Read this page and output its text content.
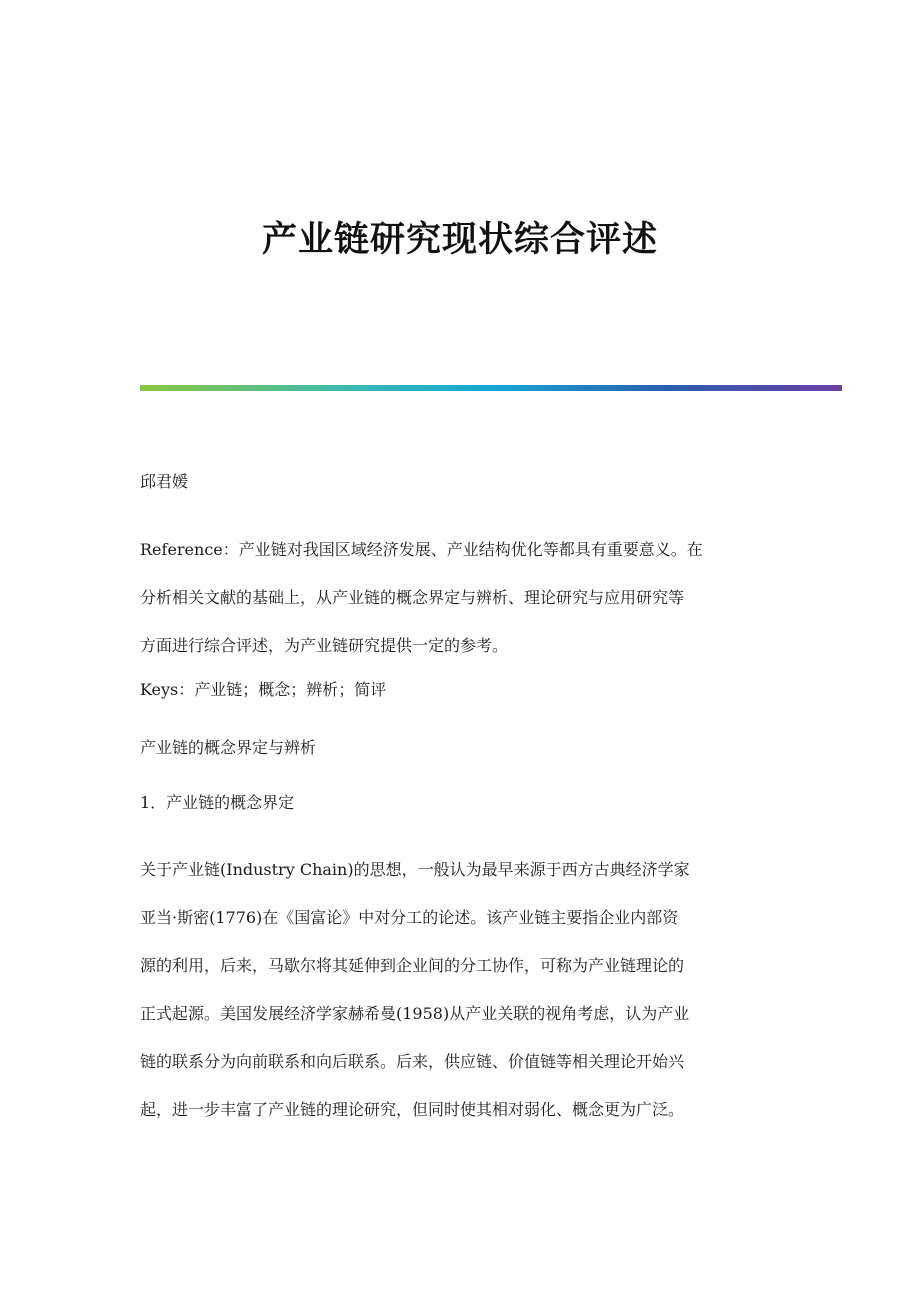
产业链研究现状综合评述

邱君媛

Reference：产业链对我国区域经济发展、产业结构优化等都具有重要意义。在
分析相关文献的基础上，从产业链的概念界定与辨析、理论研究与应用研究等
方面进行综合评述，为产业链研究提供一定的参考。

Keys：产业链；概念；辨析；简评

产业链的概念界定与辨析

1．产业链的概念界定

关于产业链(Industry Chain)的思想，一般认为最早来源于西方古典经济学家
亚当·斯密(1776)在《国富论》中对分工的论述。该产业链主要指企业内部资
源的利用，后来，马歇尔将其延伸到企业间的分工协作，可称为产业链理论的
正式起源。美国发展经济学家赫希曼(1958)从产业关联的视角考虑，认为产业
链的联系分为向前联系和向后联系。后来，供应链、价值链等相关理论开始兴
起，进一步丰富了产业链的理论研究，但同时使其相对弱化、概念更为广泛。
